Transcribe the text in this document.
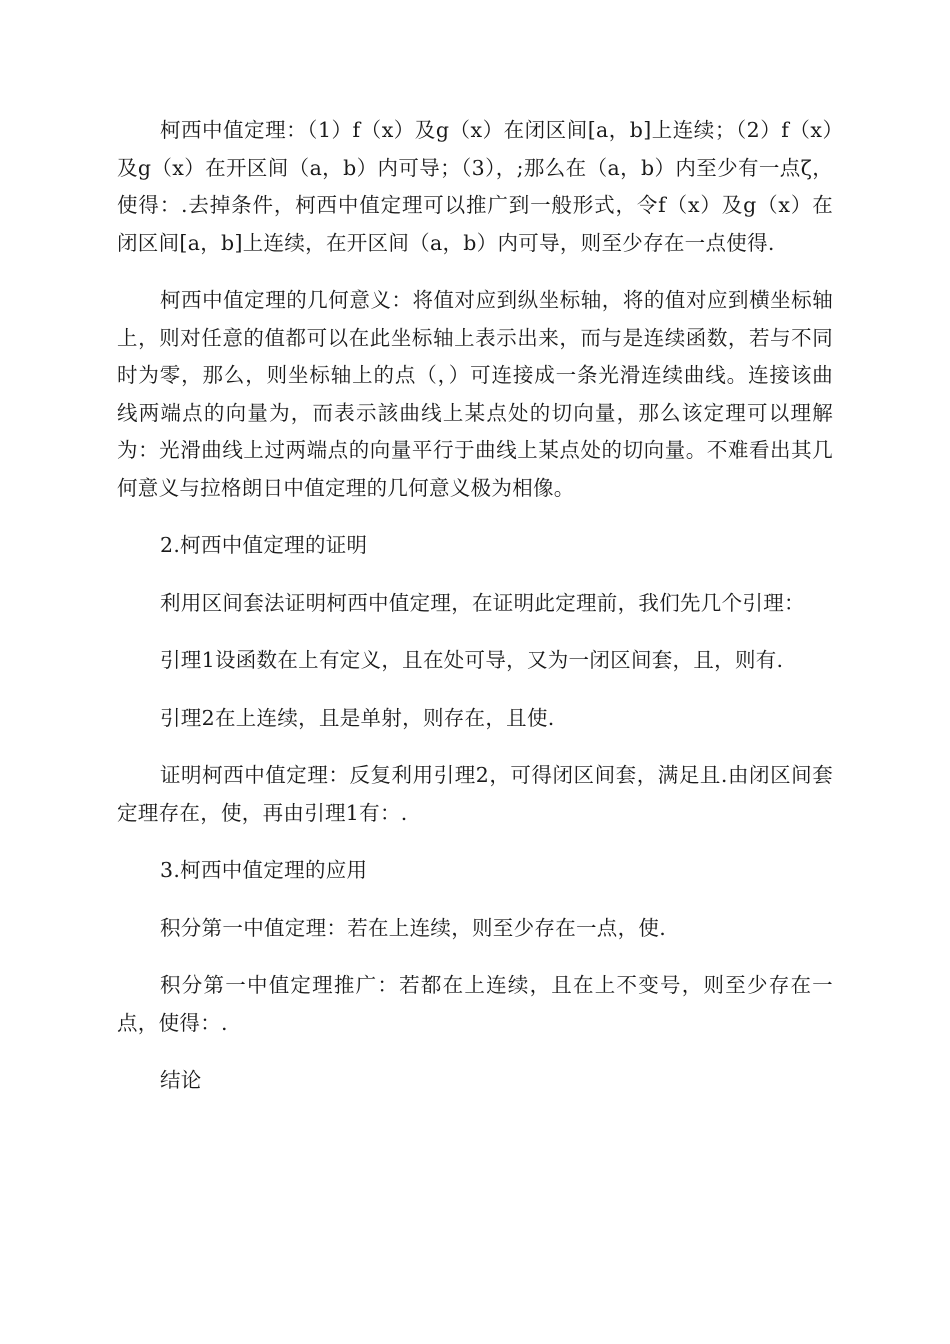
柯西中值定理：（1）f（x）及g（x）在闭区间[a，b]上连续；（2）f（x）及g（x）在开区间（a，b）内可导；（3），;那么在（a，b）内至少有一点ζ，使得：.去掉条件，柯西中值定理可以推广到一般形式，令f（x）及g（x）在闭区间[a，b]上连续，在开区间（a，b）内可导，则至少存在一点使得.

柯西中值定理的几何意义：将值对应到纵坐标轴，将的值对应到横坐标轴上，则对任意的值都可以在此坐标轴上表示出来，而与是连续函数，若与不同时为零，那么，则坐标轴上的点（，）可连接成一条光滑连续曲线。连接该曲线两端点的向量为，而表示該曲线上某点处的切向量，那么该定理可以理解为：光滑曲线上过两端点的向量平行于曲线上某点处的切向量。不难看出其几何意义与拉格朗日中值定理的几何意义极为相像。

2.柯西中值定理的证明

利用区间套法证明柯西中值定理，在证明此定理前，我们先几个引理：

引理1设函数在上有定义，且在处可导，又为一闭区间套，且，则有.

引理2在上连续，且是单射，则存在，且使.

证明柯西中值定理：反复利用引理2，可得闭区间套，满足且.由闭区间套定理存在，使，再由引理1有：.

3.柯西中值定理的应用

积分第一中值定理：若在上连续，则至少存在一点，使.

积分第一中值定理推广：若都在上连续，且在上不变号，则至少存在一点，使得：.

结论
